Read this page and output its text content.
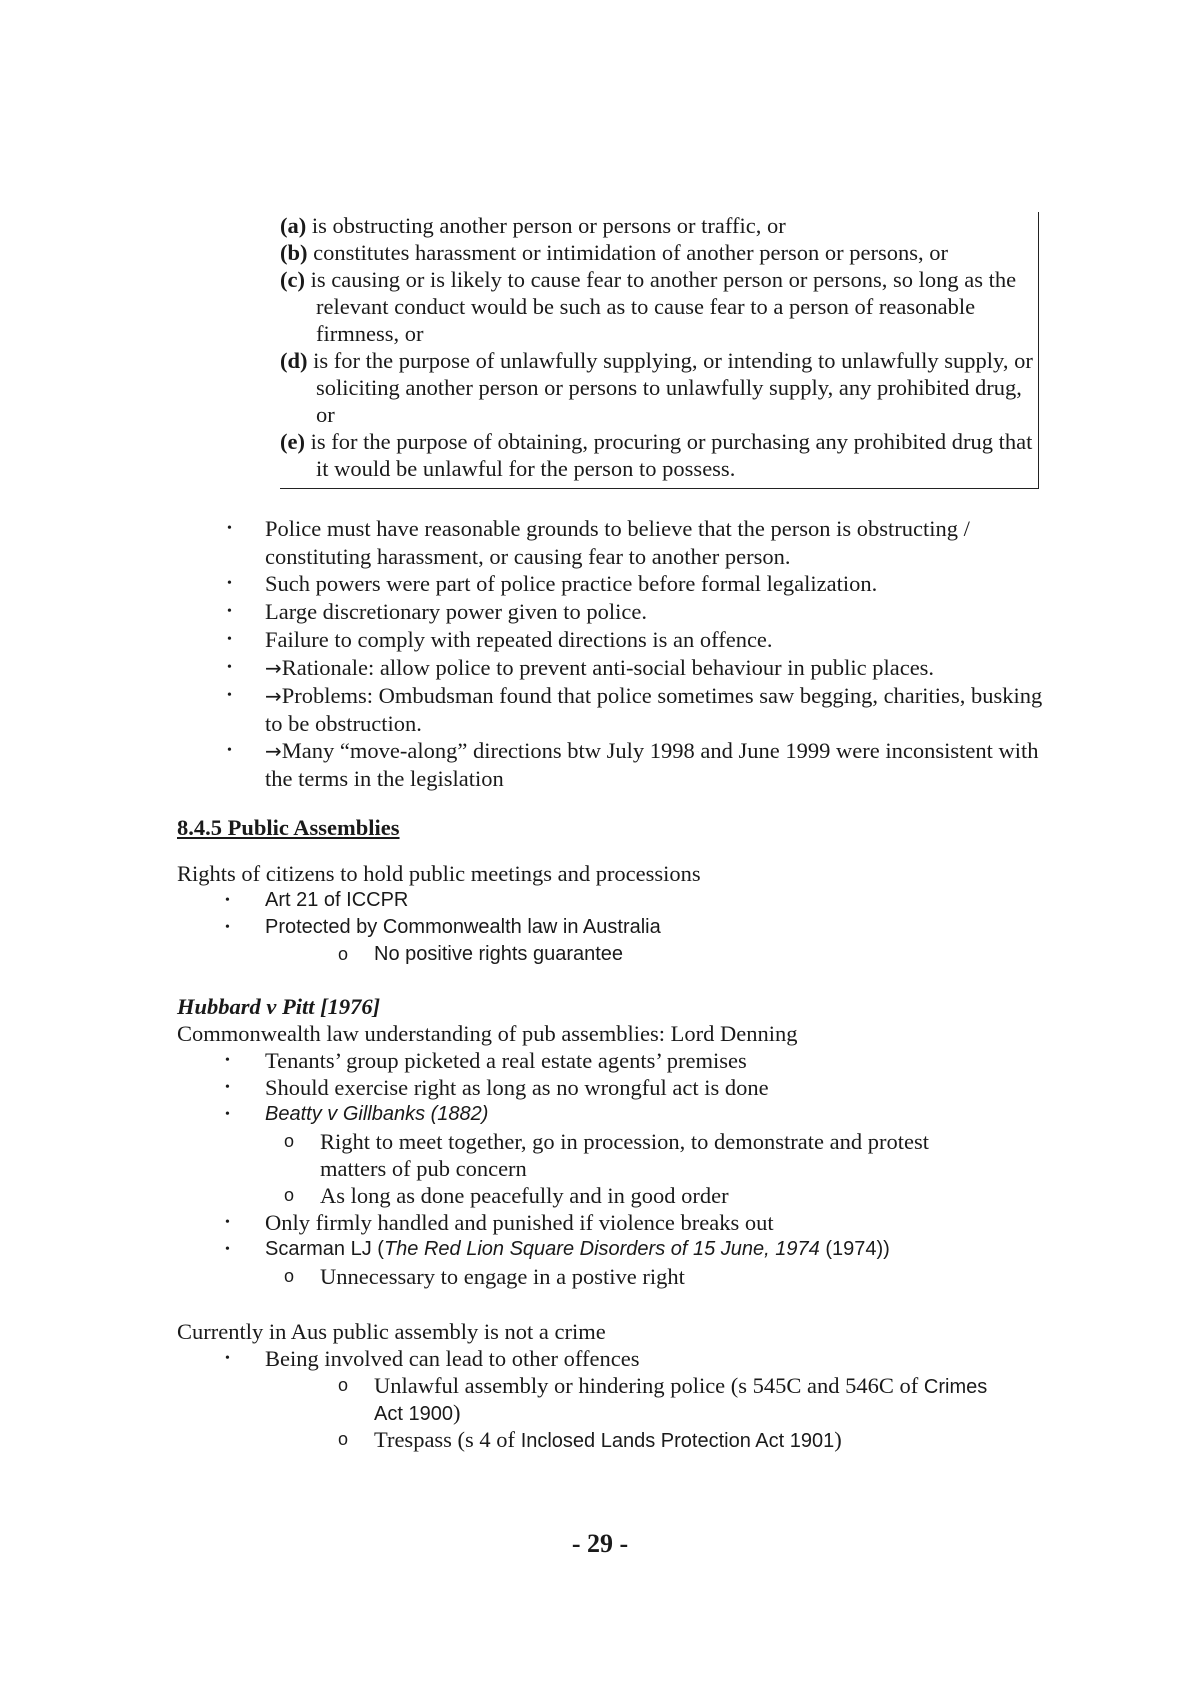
(a) is obstructing another person or persons or traffic, or
(b) constitutes harassment or intimidation of another person or persons, or
(c) is causing or is likely to cause fear to another person or persons, so long as the relevant conduct would be such as to cause fear to a person of reasonable firmness, or
(d) is for the purpose of unlawfully supplying, or intending to unlawfully supply, or soliciting another person or persons to unlawfully supply, any prohibited drug, or
(e) is for the purpose of obtaining, procuring or purchasing any prohibited drug that it would be unlawful for the person to possess.
• Police must have reasonable grounds to believe that the person is obstructing / constituting harassment, or causing fear to another person.
• Such powers were part of police practice before formal legalization.
• Large discretionary power given to police.
• Failure to comply with repeated directions is an offence.
• →Rationale: allow police to prevent anti-social behaviour in public places.
• →Problems: Ombudsman found that police sometimes saw begging, charities, busking to be obstruction.
• →Many “move-along” directions btw July 1998 and June 1999 were inconsistent with the terms in the legislation
8.4.5 Public Assemblies
Rights of citizens to hold public meetings and processions
• Art 21 of ICCPR
• Protected by Commonwealth law in Australia
o No positive rights guarantee
Hubbard v Pitt [1976]
Commonwealth law understanding of pub assemblies: Lord Denning
• Tenants’ group picketed a real estate agents’ premises
• Should exercise right as long as no wrongful act is done
• Beatty v Gillbanks (1882)
o Right to meet together, go in procession, to demonstrate and protest
matters of pub concern
o As long as done peacefully and in good order
• Only firmly handled and punished if violence breaks out
• Scarman LJ (The Red Lion Square Disorders of 15 June, 1974 (1974))
o Unnecessary to engage in a postive right
Currently in Aus public assembly is not a crime
• Being involved can lead to other offences
o Unlawful assembly or hindering police (s 545C and 546C of Crimes
Act 1900)
o Trespass (s 4 of Inclosed Lands Protection Act 1901)
- 29 -
